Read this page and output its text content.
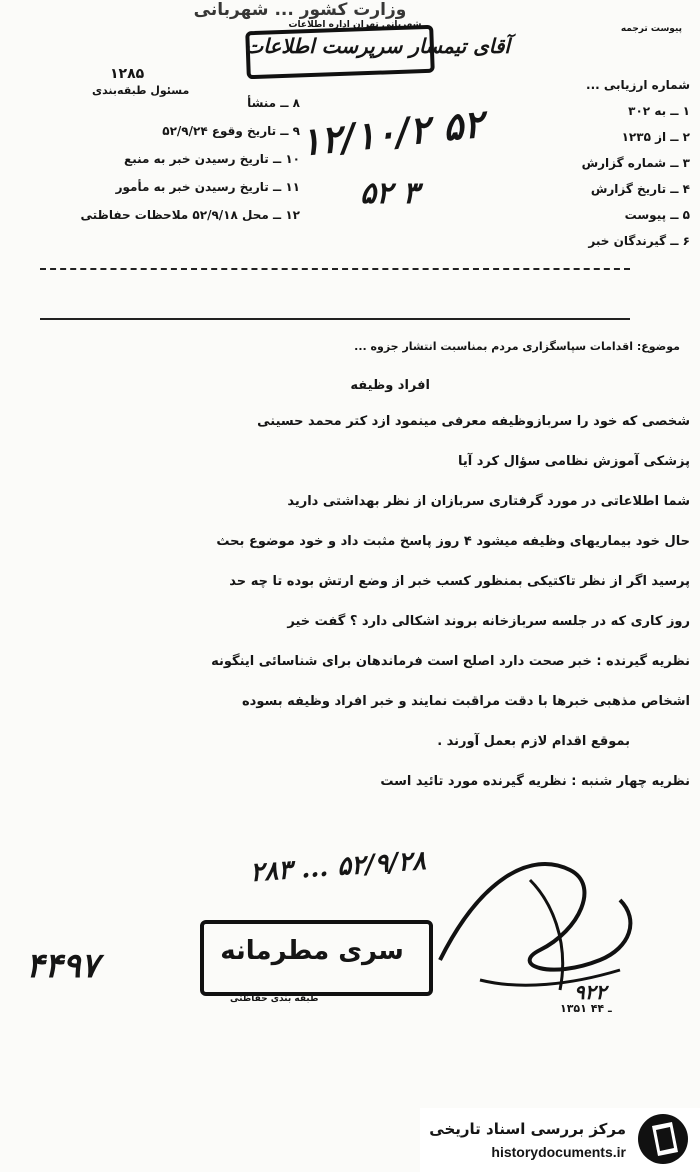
وزارت کشور ... شهربانی
شهربانی تهران اداره اطلاعات	پیوست ترجمه
آقای تیمسار سرپرست اطلاعات
۱۲۸۵
مسئول طبقه‌بندی
۸ ــ منشأ
۹ ــ تاریخ وقوع ۵۲/۹/۲۴
۱۰ ــ تاریخ رسیدن خبر به منبع
۱۱ ــ تاریخ رسیدن خبر به مأمور
۱۲ ــ محل ۵۲/۹/۱۸ ملاحظات حفاظتی
شماره ارزیابی ...
۱ ــ به ۳۰۲
۲ ــ از ۱۲۳۵
۳ ــ شماره گزارش
۴ ــ تاریخ گزارش
۵ ــ پیوست
۶ ــ گیرندگان خبر
۱۲/۱۰/۲ ۵۲
۵۲ ۳
موضوع: اقدامات سپاسگزاری مردم بمناسبت انتشار جزوه ...
افراد وظیفه
شخصی که خود را سربازوظیفه معرفی مینمود ازد کتر محمد حسینی
پزشکی آموزش نظامی سؤال کرد آیا
شما اطلاعاتی در مورد گرفتاری سربازان از نظر بهداشتی دارید
حال خود بیماریهای وظیفه میشود ۴ روز پاسخ مثبت داد و خود موضوع بحث
پرسید اگر از نظر تاکتیکی بمنظور کسب خبر از وضع ارتش بوده تا چه حد
روز کاری که در جلسه سربازخانه بروند اشکالی دارد ؟ گفت خیر
نظریه گیرنده : خبر صحت دارد اصلح است فرماندهان برای شناسائی اینگونه
اشخاص مذهبی خبرها با دقت مراقبت نمایند و خبر افراد وظیفه بسوده
بموقع اقدام لازم بعمل آورند .
نظریه چهار شنبه : نظریه گیرنده مورد تائید است
۵۲/۹/۲۸ ... ۲۸۳
سری مطرمانه
طبقه بندی حفاظتی
۴۴۹۷
۹۲۲
۱۳۵۱ ـ ۴۴
مرکز بررسی اسناد تاریخی
historydocuments.ir
